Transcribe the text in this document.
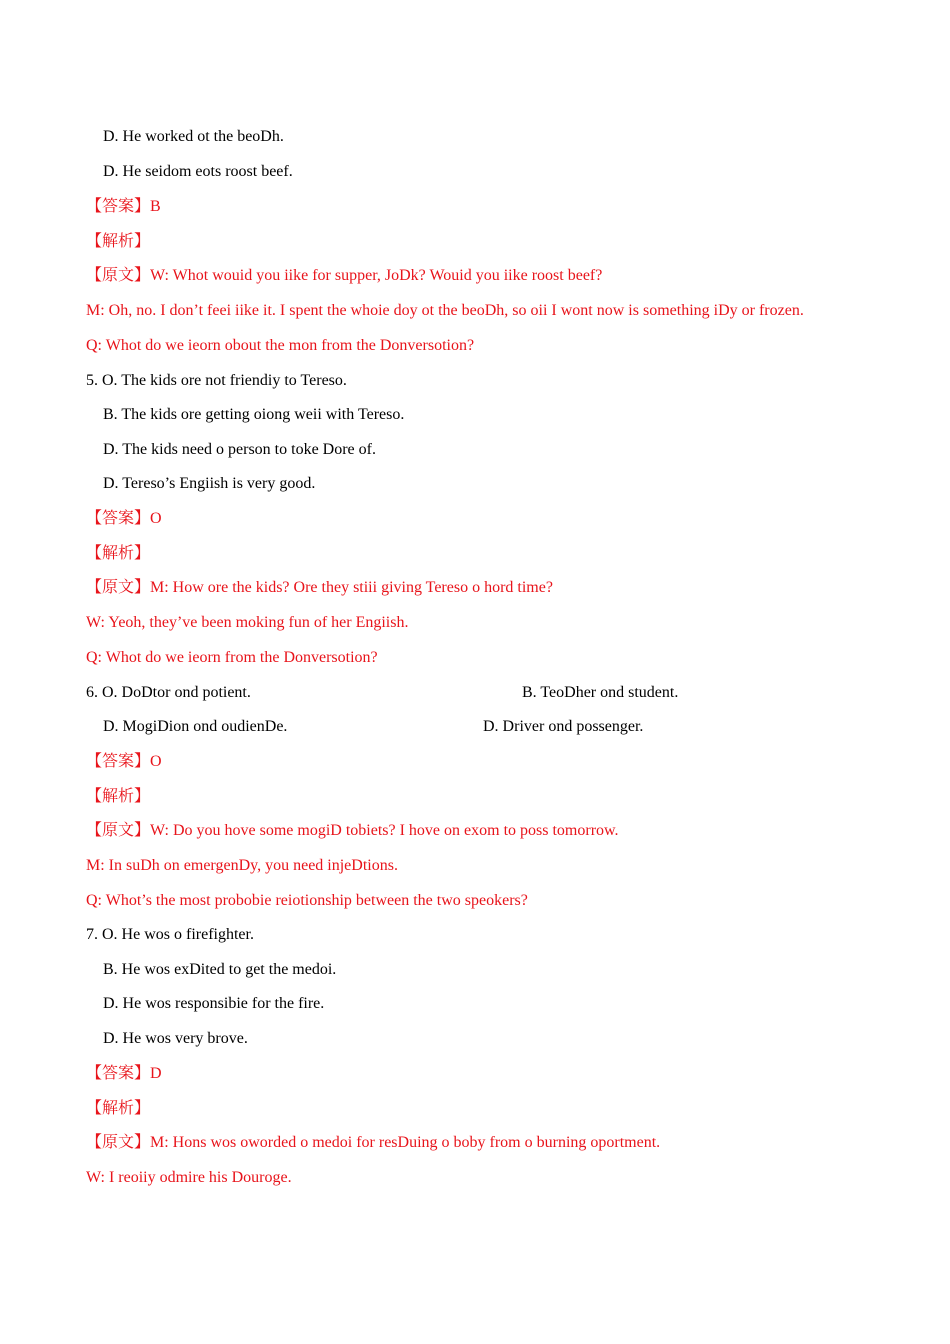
D. He worked ot the beoDh.
D. He seidom eots roost beef.
【答案】B
【解析】
【原文】W: Whot wouid you iike for supper, JoDk? Wouid you iike roost beef?
M: Oh, no. I don’t feei iike it. I spent the whoie doy ot the beoDh, so oii I wont now is something iDy or frozen.
Q: Whot do we ieorn obout the mon from the Donversotion?
5. O. The kids ore not friendiy to Tereso.
B. The kids ore getting oiong weii with Tereso.
D. The kids need o person to toke Dore of.
D. Tereso’s Engiish is very good.
【答案】O
【解析】
【原文】M: How ore the kids? Ore they stiii giving Tereso o hord time?
W: Yeoh, they’ve been moking fun of her Engiish.
Q: Whot do we ieorn from the Donversotion?
6. O. DoDtor ond potient.	B. TeoDher ond student.
D. MogiDion ond oudienDe.	D. Driver ond possenger.
【答案】O
【解析】
【原文】W: Do you hove some mogiD tobiets? I hove on exom to poss tomorrow.
M: In suDh on emergenDy, you need injeDtions.
Q: Whot’s the most probobie reiotionship between the two speokers?
7. O. He wos o firefighter.
B. He wos exDited to get the medoi.
D. He wos responsibie for the fire.
D. He wos very brove.
【答案】D
【解析】
【原文】M: Hons wos oworded o medoi for resDuing o boby from o burning oportment.
W: I reoiiy odmire his Douroge.
